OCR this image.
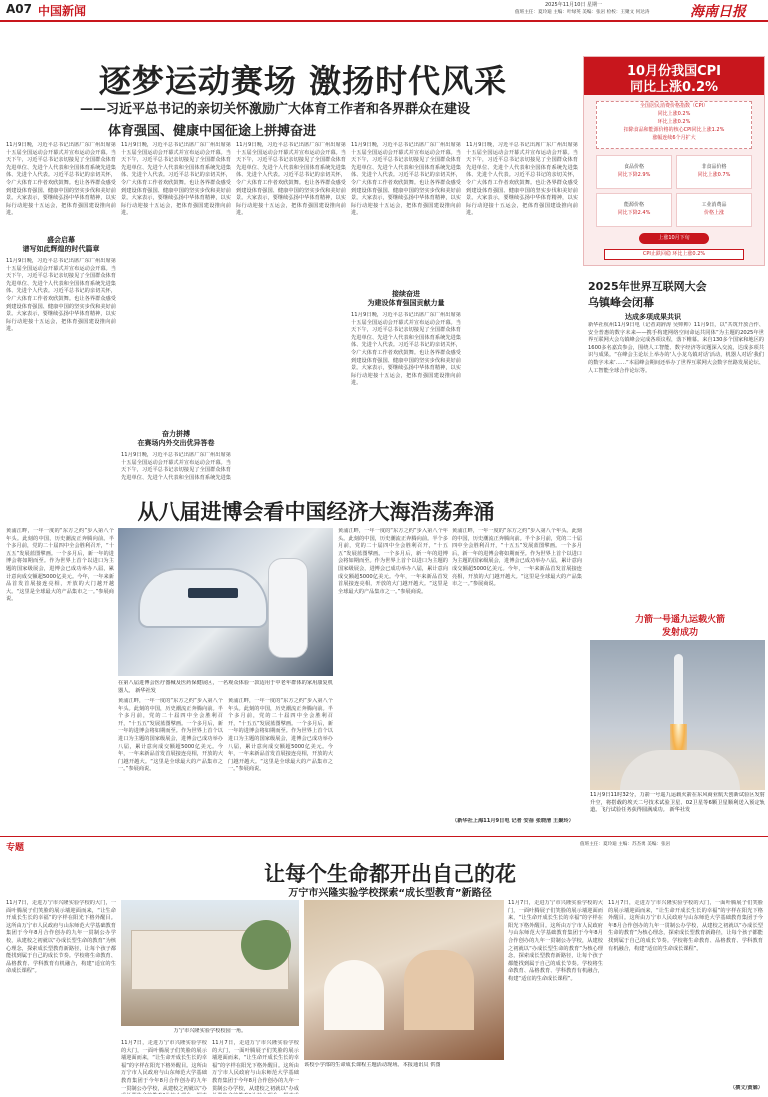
A07 中国新闻	2025年11月10日 星期一
值班主任：夏玲迪 主编：叶绿英 美编：张岩 检校：王聚文 何达涛	海南日报
逐梦运动赛场 激扬时代风采
——习近平总书记的亲切关怀激励广大体育工作者和各界群众在建设
体育强国、健康中国征途上拼搏奋进
11月9日晚，习近平总书记出席广东广州出席第十五届全国运动会开幕式并宣布运动会开幕。当天下午，习近平总书记亲切接见了全国群众体育先进单位、先进个人代表和全国体育系统先进集体、先进个人代表。习近平总书记的亲切关怀，令广大体育工作者欢欣鼓舞。也让各界群众感受到建设体育强国、健康中国的坚实步伐和美好前景。大家表示，要继续弘扬中华体育精神，以实际行动迎接十五运会，把体育强国建设推向前进。
盛会启幕
谱写如此辉煌的时代篇章
11月9日晚，习近平总书记出席广东广州出席第十五届全国运动会开幕式并宣布运动会开幕。当天下午，习近平总书记亲切接见了全国群众体育先进单位、先进个人代表和全国体育系统先进集体、先进个人代表。习近平总书记的亲切关怀，令广大体育工作者欢欣鼓舞。也让各界群众感受到建设体育强国、健康中国的坚实步伐和美好前景。大家表示，要继续弘扬中华体育精神，以实际行动迎接十五运会，把体育强国建设推向前进。
11月9日晚，习近平总书记出席广东广州出席第十五届全国运动会开幕式并宣布运动会开幕。当天下午，习近平总书记亲切接见了全国群众体育先进单位、先进个人代表和全国体育系统先进集体、先进个人代表。习近平总书记的亲切关怀，令广大体育工作者欢欣鼓舞。也让各界群众感受到建设体育强国、健康中国的坚实步伐和美好前景。大家表示，要继续弘扬中华体育精神，以实际行动迎接十五运会，把体育强国建设推向前进。
奋力拼搏
在赛场内外交出优异答卷
11月9日晚，习近平总书记出席广东广州出席第十五届全国运动会开幕式并宣布运动会开幕。当天下午，习近平总书记亲切接见了全国群众体育先进单位、先进个人代表和全国体育系统先进集
11月9日晚，习近平总书记出席广东广州出席第十五届全国运动会开幕式并宣布运动会开幕。当天下午，习近平总书记亲切接见了全国群众体育先进单位、先进个人代表和全国体育系统先进集体、先进个人代表。习近平总书记的亲切关怀，令广大体育工作者欢欣鼓舞。也让各界群众感受到建设体育强国、健康中国的坚实步伐和美好前景。大家表示，要继续弘扬中华体育精神，以实际行动迎接十五运会，把体育强国建设推向前进。
11月9日晚，习近平总书记出席广东广州出席第十五届全国运动会开幕式并宣布运动会开幕。当天下午，习近平总书记亲切接见了全国群众体育先进单位、先进个人代表和全国体育系统先进集体、先进个人代表。习近平总书记的亲切关怀，令广大体育工作者欢欣鼓舞。也让各界群众感受到建设体育强国、健康中国的坚实步伐和美好前景。大家表示，要继续弘扬中华体育精神，以实际行动迎接十五运会，把体育强国建设推向前进。
接续奋进
为建设体育强国贡献力量
11月9日晚，习近平总书记出席广东广州出席第十五届全国运动会开幕式并宣布运动会开幕。当天下午，习近平总书记亲切接见了全国群众体育先进单位、先进个人代表和全国体育系统先进集体、先进个人代表。习近平总书记的亲切关怀，令广大体育工作者欢欣鼓舞。也让各界群众感受到建设体育强国、健康中国的坚实步伐和美好前景。大家表示，要继续弘扬中华体育精神，以实际行动迎接十五运会，把体育强国建设推向前进。
11月9日晚，习近平总书记出席广东广州出席第十五届全国运动会开幕式并宣布运动会开幕。当天下午，习近平总书记亲切接见了全国群众体育先进单位、先进个人代表和全国体育系统先进集体、先进个人代表。习近平总书记的亲切关怀，令广大体育工作者欢欣鼓舞。也让各界群众感受到建设体育强国、健康中国的坚实步伐和美好前景。大家表示，要继续弘扬中华体育精神，以实际行动迎接十五运会，把体育强国建设推向前进。
10月份我国CPI
同比上涨0.2%
全国居民消费价格指数（CPI）
同比上涨0.2%
环比上涨0.2%
扣除食品和能源价格的核心CPI同比上涨1.2%
涨幅连续6个月扩大
食品价格
同比下降2.9%
非食品价格
同比上涨0.7%
能源价格
同比下降2.4%
工业消费品
价格上涨
上涨10月下旬
CPI止跌回稳 环比上涨0.2%
2025年世界互联网大会
乌镇峰会闭幕
达成多项成果共识
新华社杭州11月9日电（记者刘辞涛 吴帅帅）11月9日，以“共筑开放合作、安全普惠的数字未来——携手构建网络空间命运共同体”为主题的2025年世界互联网大会乌镇峰会完成各项议程，落下帷幕。来自130多个国家和地区的1600多名嘉宾参会，围绕人工智能、数字经济等议题深入交流，达成多项共识与成果。“在峰会主论坛上举办的‘人小龙乌镇对话’活动，机器人对话‘我们的数字未来’……”本届峰会期间还举办了世界互联网大会数字丝路发展论坛、人工智能全球合作论坛等。
从八届进博会看中国经济大海浩荡奔涌
黄浦江畔，一年一度的“东方之约”步入第八个年头。此刻的中国，历史潮流正奔腾向前。半个多月前，党的二十届四中全会胜利召开，“十五五”发展蓝图擘画。一个多月后，新一年的进博会将如期而至。作为世界上首个以进口为主题的国家级展会，进博会已成功举办八届，累计意向成交额超5000亿美元。今年，一年来新品首发首展接连亮相，开放的大门越开越大。“这里是全球最大的产品集市之一。”参展商说。
在第八届进博会医疗器械及医药保健展区，一名观众体验一款适用于中老年群体的家用康复机器人。 新华社发
黄浦江畔，一年一度的“东方之约”步入第八个年头。此刻的中国，历史潮流正奔腾向前。半个多月前，党的二十届四中全会胜利召开，“十五五”发展蓝图擘画。一个多月后，新一年的进博会将如期而至。作为世界上首个以进口为主题的国家级展会，进博会已成功举办八届，累计意向成交额超5000亿美元。今年，一年来新品首发首展接连亮相，开放的大门越开越大。“这里是全球最大的产品集市之一。”参展商说。
黄浦江畔，一年一度的“东方之约”步入第八个年头。此刻的中国，历史潮流正奔腾向前。半个多月前，党的二十届四中全会胜利召开，“十五五”发展蓝图擘画。一个多月后，新一年的进博会将如期而至。作为世界上首个以进口为主题的国家级展会，进博会已成功举办八届，累计意向成交额超5000亿美元。今年，一年来新品首发首展接连亮相，开放的大门越开越大。“这里是全球最大的产品集市之一。”参展商说。
黄浦江畔，一年一度的“东方之约”步入第八个年头。此刻的中国，历史潮流正奔腾向前。半个多月前，党的二十届四中全会胜利召开，“十五五”发展蓝图擘画。一个多月后，新一年的进博会将如期而至。作为世界上首个以进口为主题的国家级展会，进博会已成功举办八届，累计意向成交额超5000亿美元。今年，一年来新品首发首展接连亮相，开放的大门越开越大。“这里是全球最大的产品集市之一。”参展商说。
黄浦江畔，一年一度的“东方之约”步入第八个年头。此刻的中国，历史潮流正奔腾向前。半个多月前，党的二十届四中全会胜利召开，“十五五”发展蓝图擘画。一个多月后，新一年的进博会将如期而至。作为世界上首个以进口为主题的国家级展会，进博会已成功举办八届，累计意向成交额超5000亿美元。今年，一年来新品首发首展接连亮相，开放的大门越开越大。“这里是全球最大的产品集市之一。”参展商说。
（新华社上海11月9日电 记者 安蓓 张晓清 王聚玲）
力箭一号遥九运载火箭
发射成功
11月9日11时32分，力箭一号遥九运载火箭在东风商业航天创新试验区发射升空，将搭载的埃天二号技术试验卫星、02卫星等6颗卫星顺利送入预定轨道。飞行试验任务获得圆满成功。 新华社发
专题	值班主任：夏玲迪 主编：苏杰勇 美编：张岩
让每个生命都开出自己的花
万宁市兴隆实验学校探索“成长型教育”新路径
11月7日，走进万宁市兴隆实验学校的大门，一面叶腾展子们笑脸的展示墙迎面而来，“让生命开成长生长的幸福”的字样在阳光下格外醒目。这所由万宁市人民政府与山东师范大学基础教育集团于今年8月合作创办的九年一贯制公办学校，从建校之初就以“办成长型生命的教育”为核心理念，探索成长型教育新路径，让每个孩子都能找到属于自己的成长节奏。学校将生命教育、品格教育、学科教育有机融合，构建“适宜的生命成长课程”。
万宁市兴隆实验学校校园一角。
11月7日，走进万宁市兴隆实验学校的大门，一面叶腾展子们笑脸的展示墙迎面而来，“让生命开成长生长的幸福”的字样在阳光下格外醒目。这所由万宁市人民政府与山东师范大学基础教育集团于今年8月合作创办的九年一贯制公办学校，从建校之初就以“办
11月7日，走进万宁市兴隆实验学校的大门，一面叶腾展子们笑脸的展示墙迎面而来，“让生命开成长生长的幸福”的字样在阳光下格外醒目。这所由万宁市人民政府与山东师范大学基础教育集团于今年8月合作创办的九年一贯制公办学校，从建校之初就以“办成
该校小学部的生命成长课程主题活动现场。本报通讯员 供图
11月7日，走进万宁市兴隆实验学校的大门，一面叶腾展子们笑脸的展示墙迎面而来，“让生命开成长生长的幸福”的字样在阳光下格外醒目。这所由万宁市人民政府与山东师范大学基础教育集团于今年8月合作创办的九年一贯制公办学校，从建校之初就以“办成长型生命的教育”为核心理念，探索成长型教育新路径，让每个孩子都能找到属于自己的成长节奏。学校将生命教育、品格教育、学科教育有机融合，构建“适宜的生命成长课程”。
11月7日，走进万宁市兴隆实验学校的大门，一面叶腾展子们笑脸的展示墙迎面而来，“让生命开成长生长的幸福”的字样在阳光下格外醒目。这所由万宁市人民政府与山东师范大学基础教育集团于今年8月合作创办的九年一贯制公办学校，从建校之初就以“办成长型生命的教育”为核心理念，探索成长型教育新路径，让每个孩子都能找到属于自己的成长节奏。学校将生命教育、品格教育、学科教育有机融合，构建“适宜的生命成长课程”。
（撰文/黄嫄）
